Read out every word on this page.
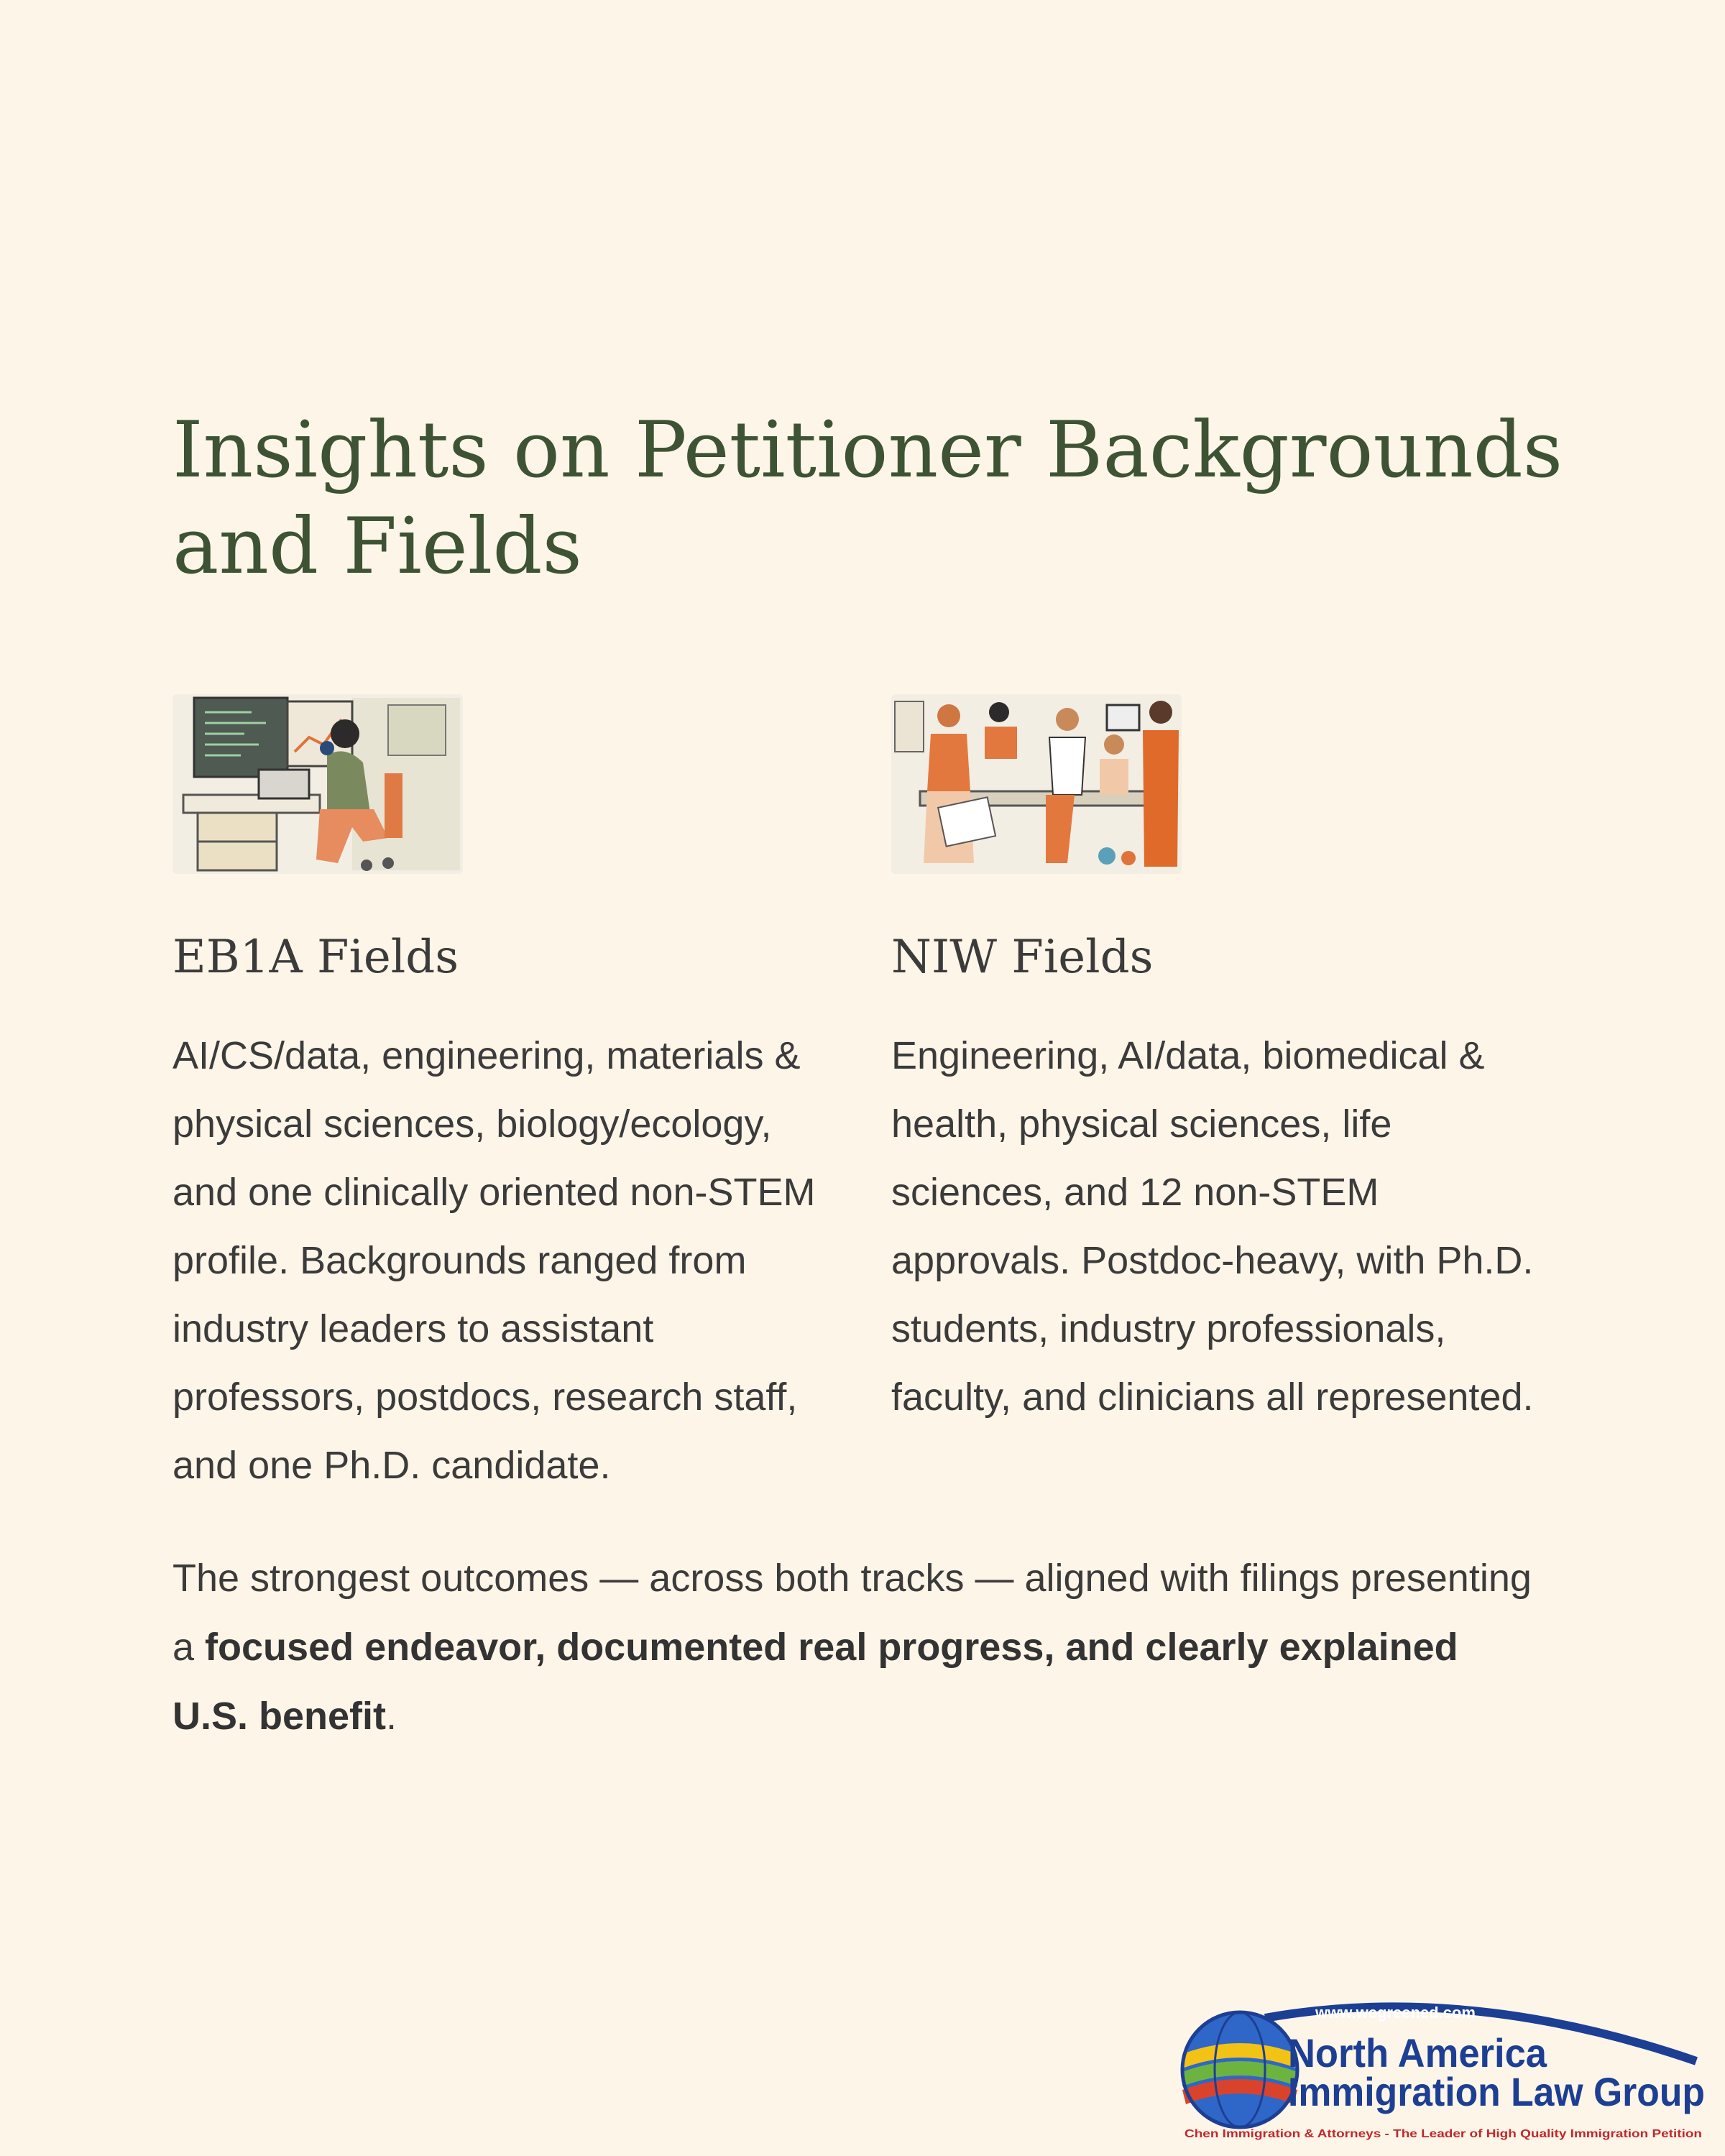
Insights on Petitioner Backgrounds and Fields
EB1A Fields

AI/CS/data, engineering, materials & physical sciences, biology/ecology, and one clinically oriented non-STEM profile. Backgrounds ranged from industry leaders to assistant professors, postdocs, research staff, and one Ph.D. candidate.

NIW Fields

Engineering, AI/data, biomedical & health, physical sciences, life sciences, and 12 non-STEM approvals. Postdoc-heavy, with Ph.D. students, industry professionals, faculty, and clinicians all represented.

The strongest outcomes — across both tracks — aligned with filings presenting a focused endeavor, documented real progress, and clearly explained U.S. benefit.

www.wegreened.com
North America
Immigration Law Group
Chen Immigration & Attorneys - The Leader of High Quality Immigration Petition
